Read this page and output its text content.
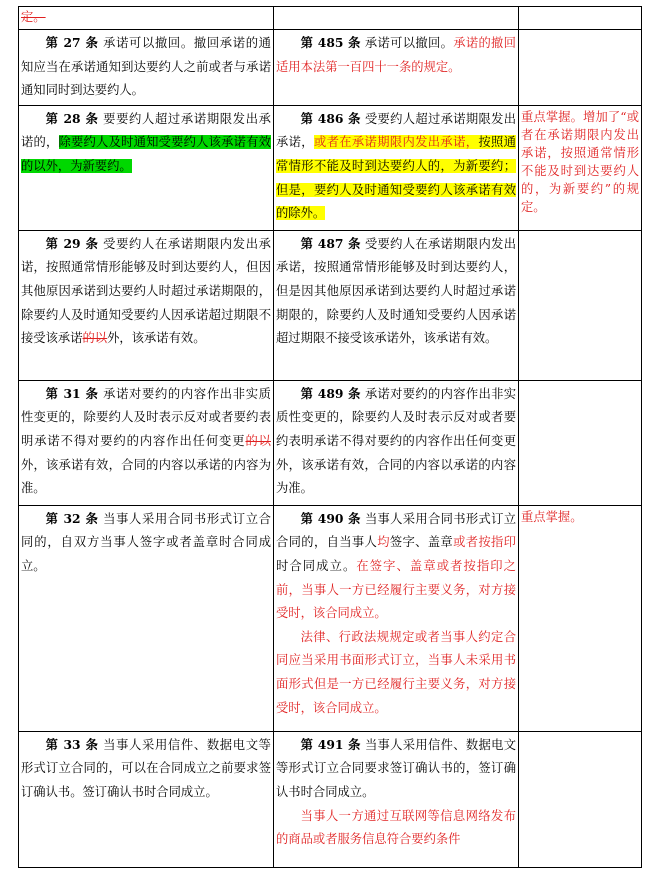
定。		

第 27 条 承诺可以撤回。撤回承诺的通知应当在承诺通知到达要约人之前或者与承诺通知同时到达要约人。	第 485 条 承诺可以撤回。承诺的撤回适用本法第一百四十一条的规定。	

第 28 条 要要约人超过承诺期限发出承诺的，除要约人及时通知受要约人该承诺有效的以外，为新要约。	第 486 条 受要约人超过承诺期限发出承诺，或者在承诺期限内发出承诺，按照通常情形不能及时到达要约人的，为新要约；但是，要约人及时通知受要约人该承诺有效的除外。	重点掌握。增加了“或者在承诺期限内发出承诺，按照通常情形不能及时到达要约人的，为新要约”的规定。

第 29 条 受要约人在承诺期限内发出承诺，按照通常情形能够及时到达要约人，但因其他原因承诺到达要约人时超过承诺期限的，除要约人及时通知受要约人因承诺超过期限不接受该承诺的以外，该承诺有效。	第 487 条 受要约人在承诺期限内发出承诺，按照通常情形能够及时到达要约人，但是因其他原因承诺到达要约人时超过承诺期限的，除要约人及时通知受要约人因承诺超过期限不接受该承诺外，该承诺有效。	

第 31 条 承诺对要约的内容作出非实质性变更的，除要约人及时表示反对或者要约表明承诺不得对要约的内容作出任何变更的以外，该承诺有效，合同的内容以承诺的内容为准。	第 489 条 承诺对要约的内容作出非实质性变更的，除要约人及时表示反对或者要约表明承诺不得对要约的内容作出任何变更外，该承诺有效，合同的内容以承诺的内容为准。	

第 32 条 当事人采用合同书形式订立合同的，自双方当事人签字或者盖章时合同成立。	第 490 条 当事人采用合同书形式订立合同的，自当事人均签字、盖章或者按指印时合同成立。在签字、盖章或者按指印之前，当事人一方已经履行主要义务，对方接受时，该合同成立。
法律、行政法规规定或者当事人约定合同应当采用书面形式订立，当事人未采用书面形式但是一方已经履行主要义务，对方接受时，该合同成立。	重点掌握。

第 33 条 当事人采用信件、数据电文等形式订立合同的，可以在合同成立之前要求签订确认书。签订确认书时合同成立。	第 491 条 当事人采用信件、数据电文等形式订立合同要求签订确认书的，签订确认书时合同成立。
当事人一方通过互联网等信息网络发布的商品或者服务信息符合要约条件	
